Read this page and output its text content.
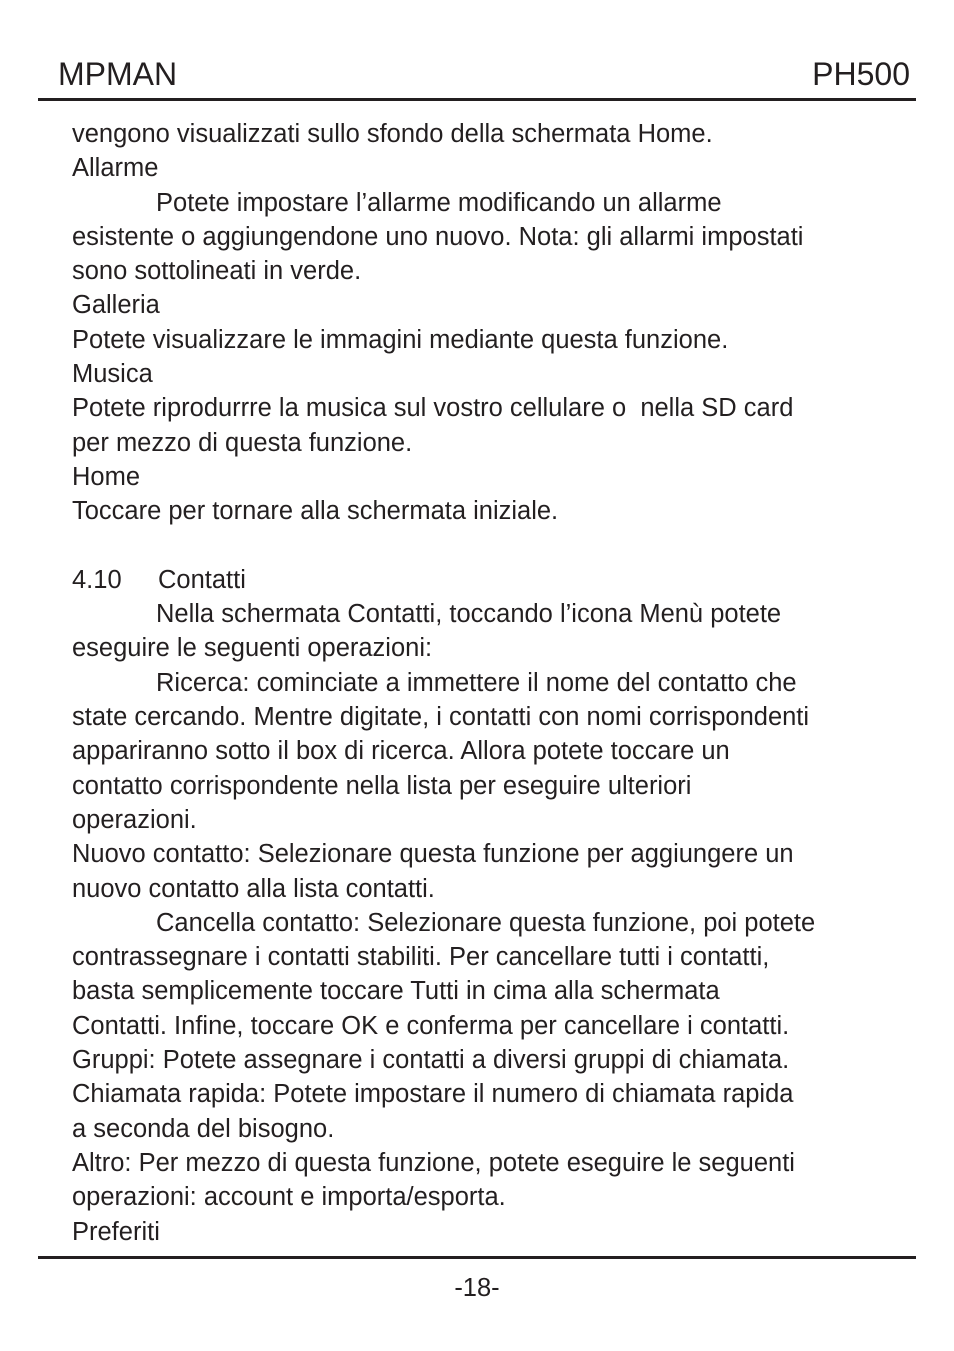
MPMAN	PH500
vengono visualizzati sullo sfondo della schermata Home.
Allarme
Potete impostare l’allarme modificando un allarme
esistente o aggiungendone uno nuovo. Nota: gli allarmi impostati
sono sottolineati in verde.
Galleria
Potete visualizzare le immagini mediante questa funzione.
Musica
Potete riprodurrre la musica sul vostro cellulare o  nella SD card
per mezzo di questa funzione.
Home
Toccare per tornare alla schermata iniziale.
4.10 Contatti
Nella schermata Contatti, toccando l’icona Menù potete
eseguire le seguenti operazioni:
Ricerca: cominciate a immettere il nome del contatto che
state cercando. Mentre digitate, i contatti con nomi corrispondenti
appariranno sotto il box di ricerca. Allora potete toccare un
contatto corrispondente nella lista per eseguire ulteriori
operazioni.
Nuovo contatto: Selezionare questa funzione per aggiungere un
nuovo contatto alla lista contatti.
Cancella contatto: Selezionare questa funzione, poi potete
contrassegnare i contatti stabiliti. Per cancellare tutti i contatti,
basta semplicemente toccare Tutti in cima alla schermata
Contatti. Infine, toccare OK e conferma per cancellare i contatti.
Gruppi: Potete assegnare i contatti a diversi gruppi di chiamata.
Chiamata rapida: Potete impostare il numero di chiamata rapida
a seconda del bisogno.
Altro: Per mezzo di questa funzione, potete eseguire le seguenti
operazioni: account e importa/esporta.
Preferiti
-18-
